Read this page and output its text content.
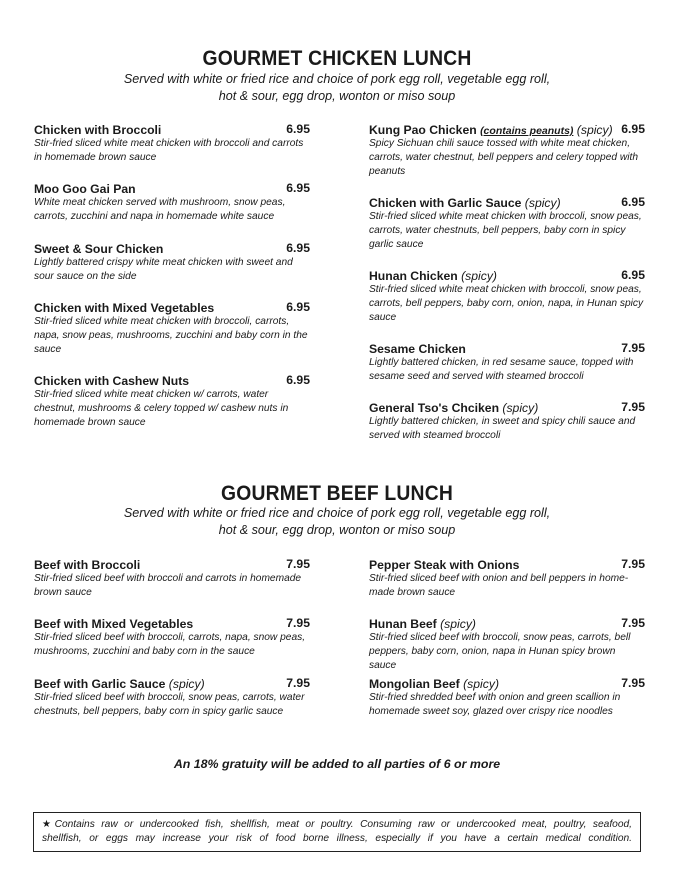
GOURMET CHICKEN LUNCH

Served with white or fried rice and choice of pork egg roll, vegetable egg roll,
hot & sour, egg drop, wonton or miso soup

Chicken with Broccoli	6.95
Stir-fried sliced white meat chicken with broccoli and carrots in homemade brown sauce
Moo Goo Gai Pan	6.95
White meat chicken served with mushroom, snow peas, carrots, zucchini and napa in homemade white sauce
Sweet & Sour Chicken	6.95
Lightly battered crispy white meat chicken with sweet and sour sauce on the side
Chicken with Mixed Vegetables	6.95
Stir-fried sliced white meat chicken with broccoli, carrots, napa, snow peas, mushrooms, zucchini and baby corn in the sauce
Chicken with Cashew Nuts	6.95
Stir-fried sliced white meat chicken w/ carrots, water chestnut, mushrooms & celery topped w/ cashew nuts in homemade brown sauce
Kung Pao Chicken (contains peanuts) (spicy) 6.95
Spicy Sichuan chili sauce tossed with white meat chicken, carrots, water chestnut, bell peppers and celery topped with peanuts
Chicken with Garlic Sauce (spicy)	6.95
Stir-fried sliced white meat chicken with broccoli, snow peas, carrots, water chestnuts, bell peppers, baby corn in spicy garlic sauce
Hunan Chicken (spicy)	6.95
Stir-fried sliced white meat chicken with broccoli, snow peas, carrots, bell peppers, baby corn, onion, napa, in Hunan spicy sauce
Sesame Chicken	7.95
Lightly battered chicken, in red sesame sauce, topped with sesame seed and served with steamed broccoli
General Tso's Chciken (spicy)	7.95
Lightly battered chicken, in sweet and spicy chili sauce and served with steamed broccoli
GOURMET BEEF LUNCH

Served with white or fried rice and choice of pork egg roll, vegetable egg roll,
hot & sour, egg drop, wonton or miso soup

Beef with Broccoli	7.95
Stir-fried sliced beef with broccoli and carrots in homemade brown sauce
Beef with Mixed Vegetables	7.95
Stir-fried sliced beef with broccoli, carrots, napa, snow peas, mushrooms, zucchini and baby corn in the sauce
Beef with Garlic Sauce (spicy)	7.95
Stir-fried sliced beef with broccoli, snow peas, carrots, water chestnuts, bell peppers, baby corn in spicy garlic sauce
Pepper Steak with Onions	7.95
Stir-fried sliced beef with onion and bell peppers in home-made brown sauce
Hunan Beef (spicy)	7.95
Stir-fried sliced beef with broccoli, snow peas, carrots, bell peppers, baby corn, onion, napa in Hunan spicy brown sauce
Mongolian Beef (spicy)	7.95
Stir-fried shredded beef with onion and green scallion in homemade sweet soy, glazed over crispy rice noodles
An 18% gratuity will be added to all parties of 6 or more

★Contains raw or undercooked fish, shellfish, meat or poultry. Consuming raw or undercooked meat, poultry, seafood,

shellfish, or eggs may increase your risk of food borne illness, especially if you have a certain medical condition.
